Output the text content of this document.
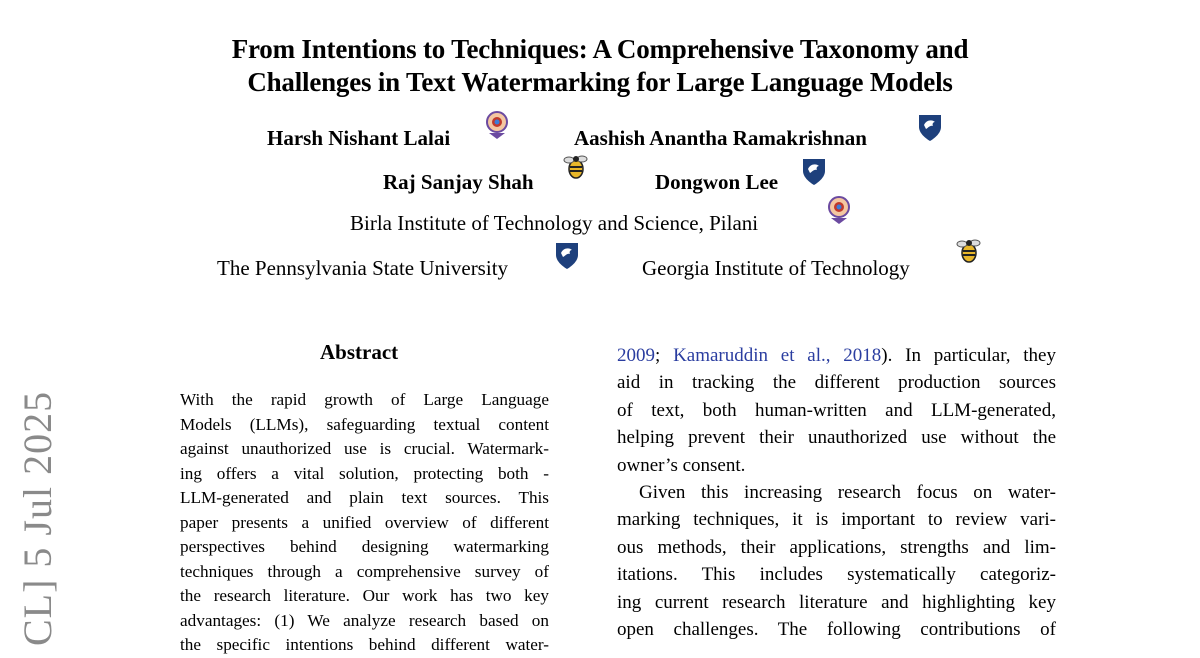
From Intentions to Techniques: A Comprehensive Taxonomy and
Challenges in Text Watermarking for Large Language Models
Harsh Nishant Lalai	Aashish Anantha Ramakrishnan
Raj Sanjay Shah	Dongwon Lee
Birla Institute of Technology and Science, Pilani
The Pennsylvania State University	Georgia Institute of Technology
CL] 5 Jul 2025
Abstract
With the rapid growth of Large Language
Models (LLMs), safeguarding textual content
against unauthorized use is crucial. Watermark-
ing offers a vital solution, protecting both -
LLM-generated and plain text sources. This
paper presents a unified overview of different
perspectives behind designing watermarking
techniques through a comprehensive survey of
the research literature. Our work has two key
advantages: (1) We analyze research based on
the specific intentions behind different water-
2009; Kamaruddin et al., 2018). In particular, they
aid in tracking the different production sources
of text, both human-written and LLM-generated,
helping prevent their unauthorized use without the
owner’s consent.
Given this increasing research focus on water-
marking techniques, it is important to review vari-
ous methods, their applications, strengths and lim-
itations. This includes systematically categoriz-
ing current research literature and highlighting key
open challenges. The following contributions of
